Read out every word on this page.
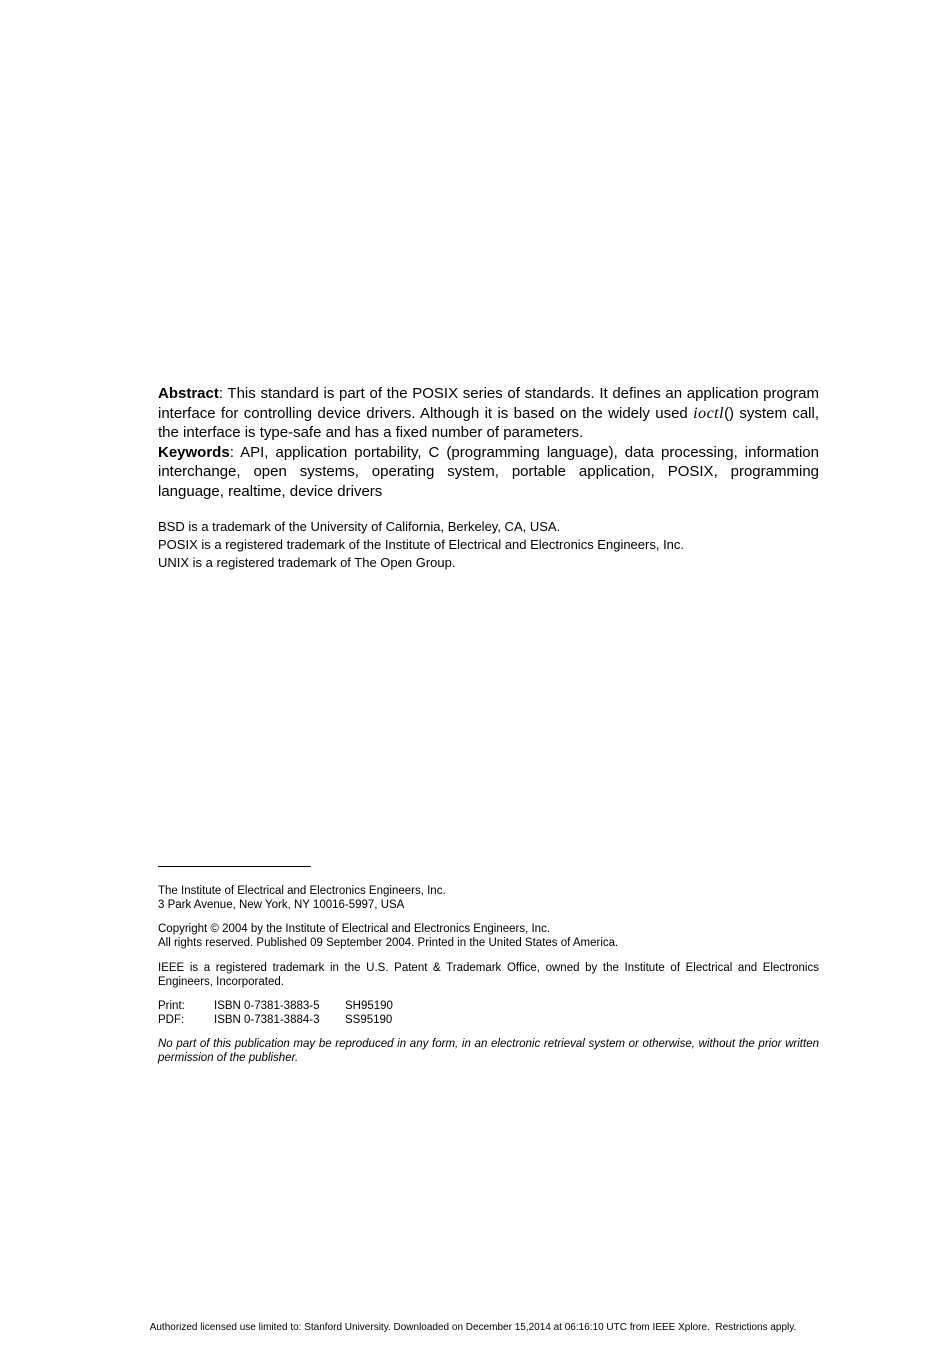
Abstract: This standard is part of the POSIX series of standards. It defines an application program interface for controlling device drivers. Although it is based on the widely used ioctl() system call, the interface is type-safe and has a fixed number of parameters.

Keywords: API, application portability, C (programming language), data processing, information interchange, open systems, operating system, portable application, POSIX, programming language, realtime, device drivers

BSD is a trademark of the University of California, Berkeley, CA, USA.
POSIX is a registered trademark of the Institute of Electrical and Electronics Engineers, Inc.
UNIX is a registered trademark of The Open Group.
The Institute of Electrical and Electronics Engineers, Inc.
3 Park Avenue, New York, NY 10016-5997, USA
Copyright © 2004 by the Institute of Electrical and Electronics Engineers, Inc.
All rights reserved. Published 09 September 2004. Printed in the United States of America.
IEEE is a registered trademark in the U.S. Patent & Trademark Office, owned by the Institute of Electrical and Electronics Engineers, Incorporated.
Print:	ISBN 0-7381-3883-5	SH95190
PDF:	ISBN 0-7381-3884-3	SS95190
No part of this publication may be reproduced in any form, in an electronic retrieval system or otherwise, without the prior written permission of the publisher.
Authorized licensed use limited to: Stanford University. Downloaded on December 15,2014 at 06:16:10 UTC from IEEE Xplore.  Restrictions apply.
